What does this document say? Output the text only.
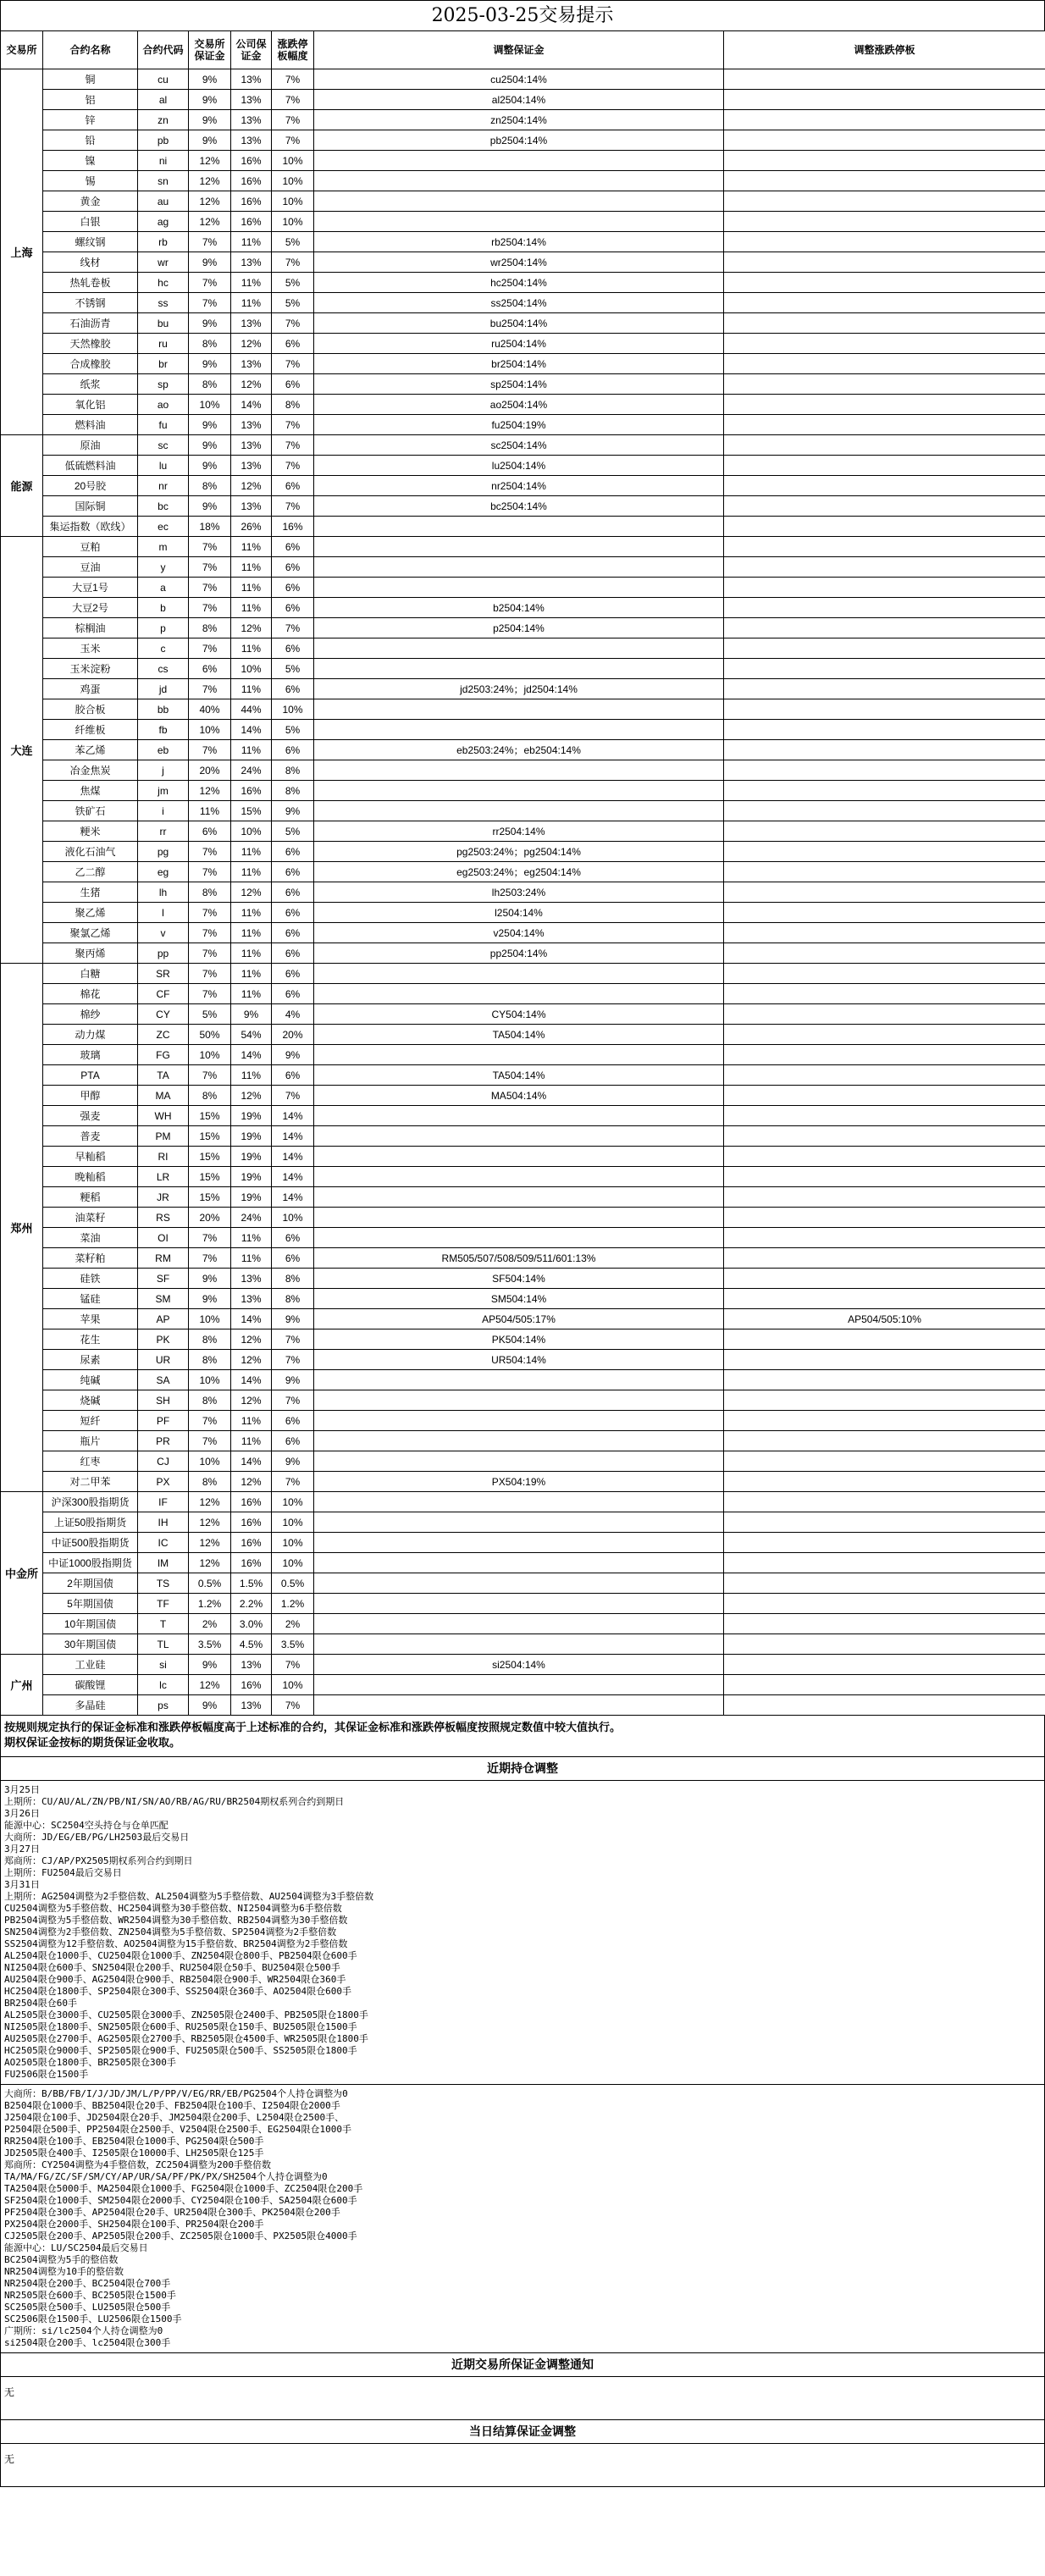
2025-03-25交易提示
交易所	合约名称	合约代码	交易所保证金	公司保证金	涨跌停板幅度	调整保证金	调整涨跌停板
上海	铜	cu	9%	13%	7%	cu2504:14%	
	铝	al	9%	13%	7%	al2504:14%	
	锌	zn	9%	13%	7%	zn2504:14%	
	铅	pb	9%	13%	7%	pb2504:14%	
	镍	ni	12%	16%	10%		
	锡	sn	12%	16%	10%		
	黄金	au	12%	16%	10%		
	白银	ag	12%	16%	10%		
	螺纹钢	rb	7%	11%	5%	rb2504:14%	
	线材	wr	9%	13%	7%	wr2504:14%	
	热轧卷板	hc	7%	11%	5%	hc2504:14%	
	不锈钢	ss	7%	11%	5%	ss2504:14%	
	石油沥青	bu	9%	13%	7%	bu2504:14%	
	天然橡胶	ru	8%	12%	6%	ru2504:14%	
	合成橡胶	br	9%	13%	7%	br2504:14%	
	纸浆	sp	8%	12%	6%	sp2504:14%	
	氧化铝	ao	10%	14%	8%	ao2504:14%	
	燃料油	fu	9%	13%	7%	fu2504:19%	
能源	原油	sc	9%	13%	7%	sc2504:14%	
	低硫燃料油	lu	9%	13%	7%	lu2504:14%	
	20号胶	nr	8%	12%	6%	nr2504:14%	
	国际铜	bc	9%	13%	7%	bc2504:14%	
	集运指数（欧线）	ec	18%	26%	16%		
大连	豆粕	m	7%	11%	6%		
	豆油	y	7%	11%	6%		
	大豆1号	a	7%	11%	6%		
	大豆2号	b	7%	11%	6%	b2504:14%	
	棕榈油	p	8%	12%	7%	p2504:14%	
	玉米	c	7%	11%	6%		
	玉米淀粉	cs	6%	10%	5%		
	鸡蛋	jd	7%	11%	6%	jd2503:24%；jd2504:14%	
	胶合板	bb	40%	44%	10%		
	纤维板	fb	10%	14%	5%		
	苯乙烯	eb	7%	11%	6%	eb2503:24%；eb2504:14%	
	冶金焦炭	j	20%	24%	8%		
	焦煤	jm	12%	16%	8%		
	铁矿石	i	11%	15%	9%		
	粳米	rr	6%	10%	5%	rr2504:14%	
	液化石油气	pg	7%	11%	6%	pg2503:24%；pg2504:14%	
	乙二醇	eg	7%	11%	6%	eg2503:24%；eg2504:14%	
	生猪	lh	8%	12%	6%	lh2503:24%	
	聚乙烯	l	7%	11%	6%	l2504:14%	
	聚氯乙烯	v	7%	11%	6%	v2504:14%	
	聚丙烯	pp	7%	11%	6%	pp2504:14%	
郑州	白糖	SR	7%	11%	6%		
	棉花	CF	7%	11%	6%		
	棉纱	CY	5%	9%	4%	CY504:14%	
	动力煤	ZC	50%	54%	20%	TA504:14%	
	玻璃	FG	10%	14%	9%		
	PTA	TA	7%	11%	6%	TA504:14%	
	甲醇	MA	8%	12%	7%	MA504:14%	
	强麦	WH	15%	19%	14%		
	普麦	PM	15%	19%	14%		
	早籼稻	RI	15%	19%	14%		
	晚籼稻	LR	15%	19%	14%		
	粳稻	JR	15%	19%	14%		
	油菜籽	RS	20%	24%	10%		
	菜油	OI	7%	11%	6%		
	菜籽粕	RM	7%	11%	6%	RM505/507/508/509/511/601:13%	
	硅铁	SF	9%	13%	8%	SF504:14%	
	锰硅	SM	9%	13%	8%	SM504:14%	
	苹果	AP	10%	14%	9%	AP504/505:17%	AP504/505:10%
	花生	PK	8%	12%	7%	PK504:14%	
	尿素	UR	8%	12%	7%	UR504:14%	
	纯碱	SA	10%	14%	9%		
	烧碱	SH	8%	12%	7%		
	短纤	PF	7%	11%	6%		
	瓶片	PR	7%	11%	6%		
	红枣	CJ	10%	14%	9%		
	对二甲苯	PX	8%	12%	7%	PX504:19%	
中金所	沪深300股指期货	IF	12%	16%	10%		
	上证50股指期货	IH	12%	16%	10%		
	中证500股指期货	IC	12%	16%	10%		
	中证1000股指期货	IM	12%	16%	10%		
	2年期国债	TS	0.5%	1.5%	0.5%		
	5年期国债	TF	1.2%	2.2%	1.2%		
	10年期国债	T	2%	3.0%	2%		
	30年期国债	TL	3.5%	4.5%	3.5%		
广州	工业硅	si	9%	13%	7%	si2504:14%	
	碳酸锂	lc	12%	16%	10%		
	多晶硅	ps	9%	13%	7%		
按规则规定执行的保证金标准和涨跌停板幅度高于上述标准的合约，其保证金标准和涨跌停板幅度按照规定数值中较大值执行。
期权保证金按标的期货保证金收取。
近期持仓调整
3月25日
上期所：CU/AU/AL/ZN/PB/NI/SN/AO/RB/AG/RU/BR2504期权系列合约到期日
3月26日
能源中心：SC2504空头持仓与仓单匹配
大商所：JD/EG/EB/PG/LH2503最后交易日
3月27日
郑商所：CJ/AP/PX2505期权系列合约到期日
上期所：FU2504最后交易日
3月31日
上期所：AG2504调整为2手整倍数、AL2504调整为5手整倍数、AU2504调整为3手整倍数
CU2504调整为5手整倍数、HC2504调整为30手整倍数、NI2504调整为6手整倍数
PB2504调整为5手整倍数、WR2504调整为30手整倍数、RB2504调整为30手整倍数
SN2504调整为2手整倍数、ZN2504调整为5手整倍数、SP2504调整为2手整倍数
SS2504调整为12手整倍数、AO2504调整为15手整倍数、BR2504调整为2手整倍数
AL2504限仓1000手、CU2504限仓1000手、ZN2504限仓800手、PB2504限仓600手
NI2504限仓600手、SN2504限仓200手、RU2504限仓50手、BU2504限仓500手
AU2504限仓900手、AG2504限仓900手、RB2504限仓900手、WR2504限仓360手
HC2504限仓1800手、SP2504限仓300手、SS2504限仓360手、AO2504限仓600手
BR2504限仓60手
AL2505限仓3000手、CU2505限仓3000手、ZN2505限仓2400手、PB2505限仓1800手
NI2505限仓1800手、SN2505限仓600手、RU2505限仓150手、BU2505限仓1500手
AU2505限仓2700手、AG2505限仓2700手、RB2505限仓4500手、WR2505限仓1800手
HC2505限仓9000手、SP2505限仓900手、FU2505限仓500手、SS2505限仓1800手
AO2505限仓1800手、BR2505限仓300手
FU2506限仓1500手
大商所：B/BB/FB/I/J/JD/JM/L/P/PP/V/EG/RR/EB/PG2504个人持仓调整为0
B2504限仓1000手、BB2504限仓20手、FB2504限仓100手、I2504限仓2000手
J2504限仓100手、JD2504限仓20手、JM2504限仓200手、L2504限仓2500手、
P2504限仓500手、PP2504限仓2500手、V2504限仓2500手、EG2504限仓1000手
RR2504限仓100手、EB2504限仓1000手、PG2504限仓500手
JD2505限仓400手、I2505限仓10000手、LH2505限仓125手
郑商所：CY2504调整为4手整倍数，ZC2504调整为200手整倍数
TA/MA/FG/ZC/SF/SM/CY/AP/UR/SA/PF/PK/PX/SH2504个人持仓调整为0
TA2504限仓5000手、MA2504限仓1000手、FG2504限仓1000手、ZC2504限仓200手
SF2504限仓1000手、SM2504限仓2000手、CY2504限仓100手、SA2504限仓600手
PF2504限仓300手、AP2504限仓20手、UR2504限仓300手、PK2504限仓200手
PX2504限仓2000手、SH2504限仓100手、PR2504限仓200手
CJ2505限仓200手、AP2505限仓200手、ZC2505限仓1000手、PX2505限仓4000手
能源中心：LU/SC2504最后交易日
BC2504调整为5手的整倍数
NR2504调整为10手的整倍数
NR2504限仓200手、BC2504限仓700手
NR2505限仓600手、BC2505限仓1500手
SC2505限仓500手、LU2505限仓500手
SC2506限仓1500手、LU2506限仓1500手
广期所：si/lc2504个人持仓调整为0
si2504限仓200手、lc2504限仓300手
近期交易所保证金调整通知
无
当日结算保证金调整
无
